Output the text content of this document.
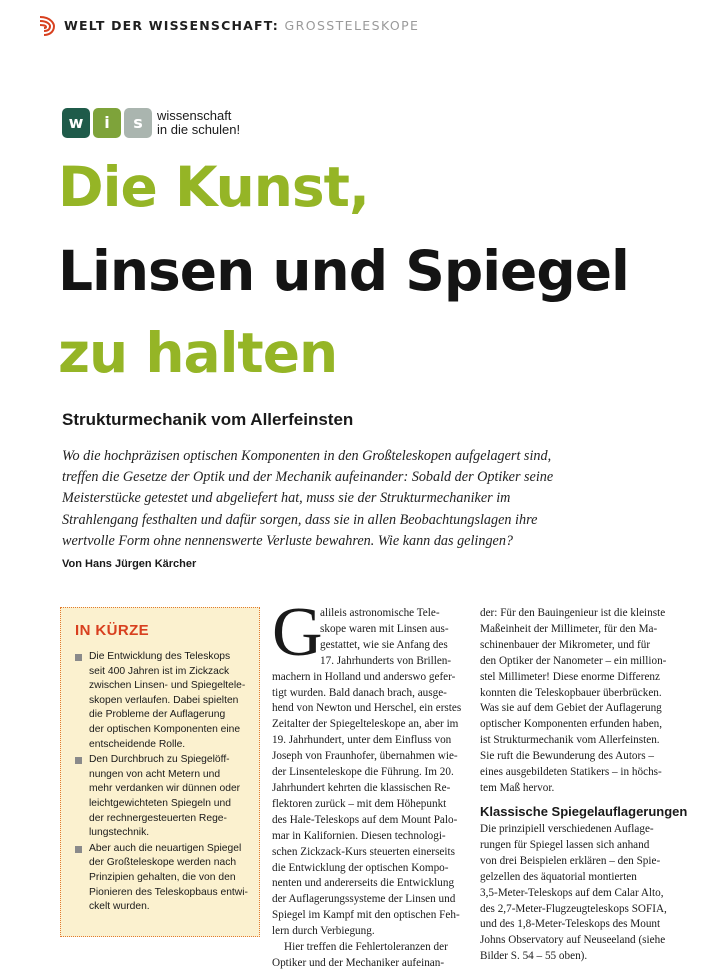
WELT DER WISSENSCHAFT: GROSSTELESKOPE
w	i	s	wissenschaft
in die schulen!
Die Kunst,
Linsen und Spiegel
zu halten
Strukturmechanik vom Allerfeinsten
Wo die hochpräzisen optischen Komponenten in den Großteleskopen aufgelagert sind,
treffen die Gesetze der Optik und der Mechanik aufeinander: Sobald der Optiker seine
Meisterstücke getestet und abgeliefert hat, muss sie der Strukturmechaniker im
Strahlengang festhalten und dafür sorgen, dass sie in allen Beobachtungslagen ihre
wertvolle Form ohne nennenswerte Verluste bewahren. Wie kann das gelingen?
Von Hans Jürgen Kärcher
IN KÜRZE
Die Entwicklung des Teleskops
seit 400 Jahren ist im Zickzack
zwischen Linsen- und Spiegeltele-
skopen verlaufen. Dabei spielten
die Probleme der Auflagerung
der optischen Komponenten eine
entscheidende Rolle.
Den Durchbruch zu Spiegelöff-
nungen von acht Metern und
mehr verdanken wir dünnen oder
leichtgewichteten Spiegeln und
der rechnergesteuerten Rege-
lungstechnik.
Aber auch die neuartigen Spiegel
der Großteleskope werden nach
Prinzipien gehalten, die von den
Pionieren des Teleskopbaus entwi-
ckelt wurden.
G
alileis astronomische Tele-
skope waren mit Linsen aus-
gestattet, wie sie Anfang des
17. Jahrhunderts von Brillen-
machern in Holland und anderswo gefer-
tigt wurden. Bald danach brach, ausge-
hend von Newton und Herschel, ein erstes
Zeitalter der Spiegelteleskope an, aber im
19. Jahrhundert, unter dem Einfluss von
Joseph von Fraunhofer, übernahmen wie-
der Linsenteleskope die Führung. Im 20.
Jahrhundert kehrten die klassischen Re-
flektoren zurück – mit dem Höhepunkt
des Hale-Teleskops auf dem Mount Palo-
mar in Kalifornien. Diesen technologi-
schen Zickzack-Kurs steuerten einerseits
die Entwicklung der optischen Kompo-
nenten und andererseits die Entwicklung
der Auflagerungssysteme der Linsen und
Spiegel im Kampf mit den optischen Feh-
lern durch Verbiegung.
Hier treffen die Fehlertoleranzen der
Optiker und der Mechaniker aufeinan-
der: Für den Bauingenieur ist die kleinste
Maßeinheit der Millimeter, für den Ma-
schinenbauer der Mikrometer, und für
den Optiker der Nanometer – ein million-
stel Millimeter! Diese enorme Differenz
konnten die Teleskopbauer überbrücken.
Was sie auf dem Gebiet der Auflagerung
optischer Komponenten erfunden haben,
ist Strukturmechanik vom Allerfeinsten.
Sie ruft die Bewunderung des Autors –
eines ausgebildeten Statikers – in höchs-
tem Maß hervor.
Klassische Spiegelauflagerungen
Die prinzipiell verschiedenen Auflage-
rungen für Spiegel lassen sich anhand
von drei Beispielen erklären – den Spie-
gelzellen des äquatorial montierten
3,5-Meter-Teleskops auf dem Calar Alto,
des 2,7-Meter-Flugzeugteleskops SOFIA,
und des 1,8-Meter-Teleskops des Mount
Johns Observatory auf Neuseeland (siehe
Bilder S. 54 – 55 oben).
